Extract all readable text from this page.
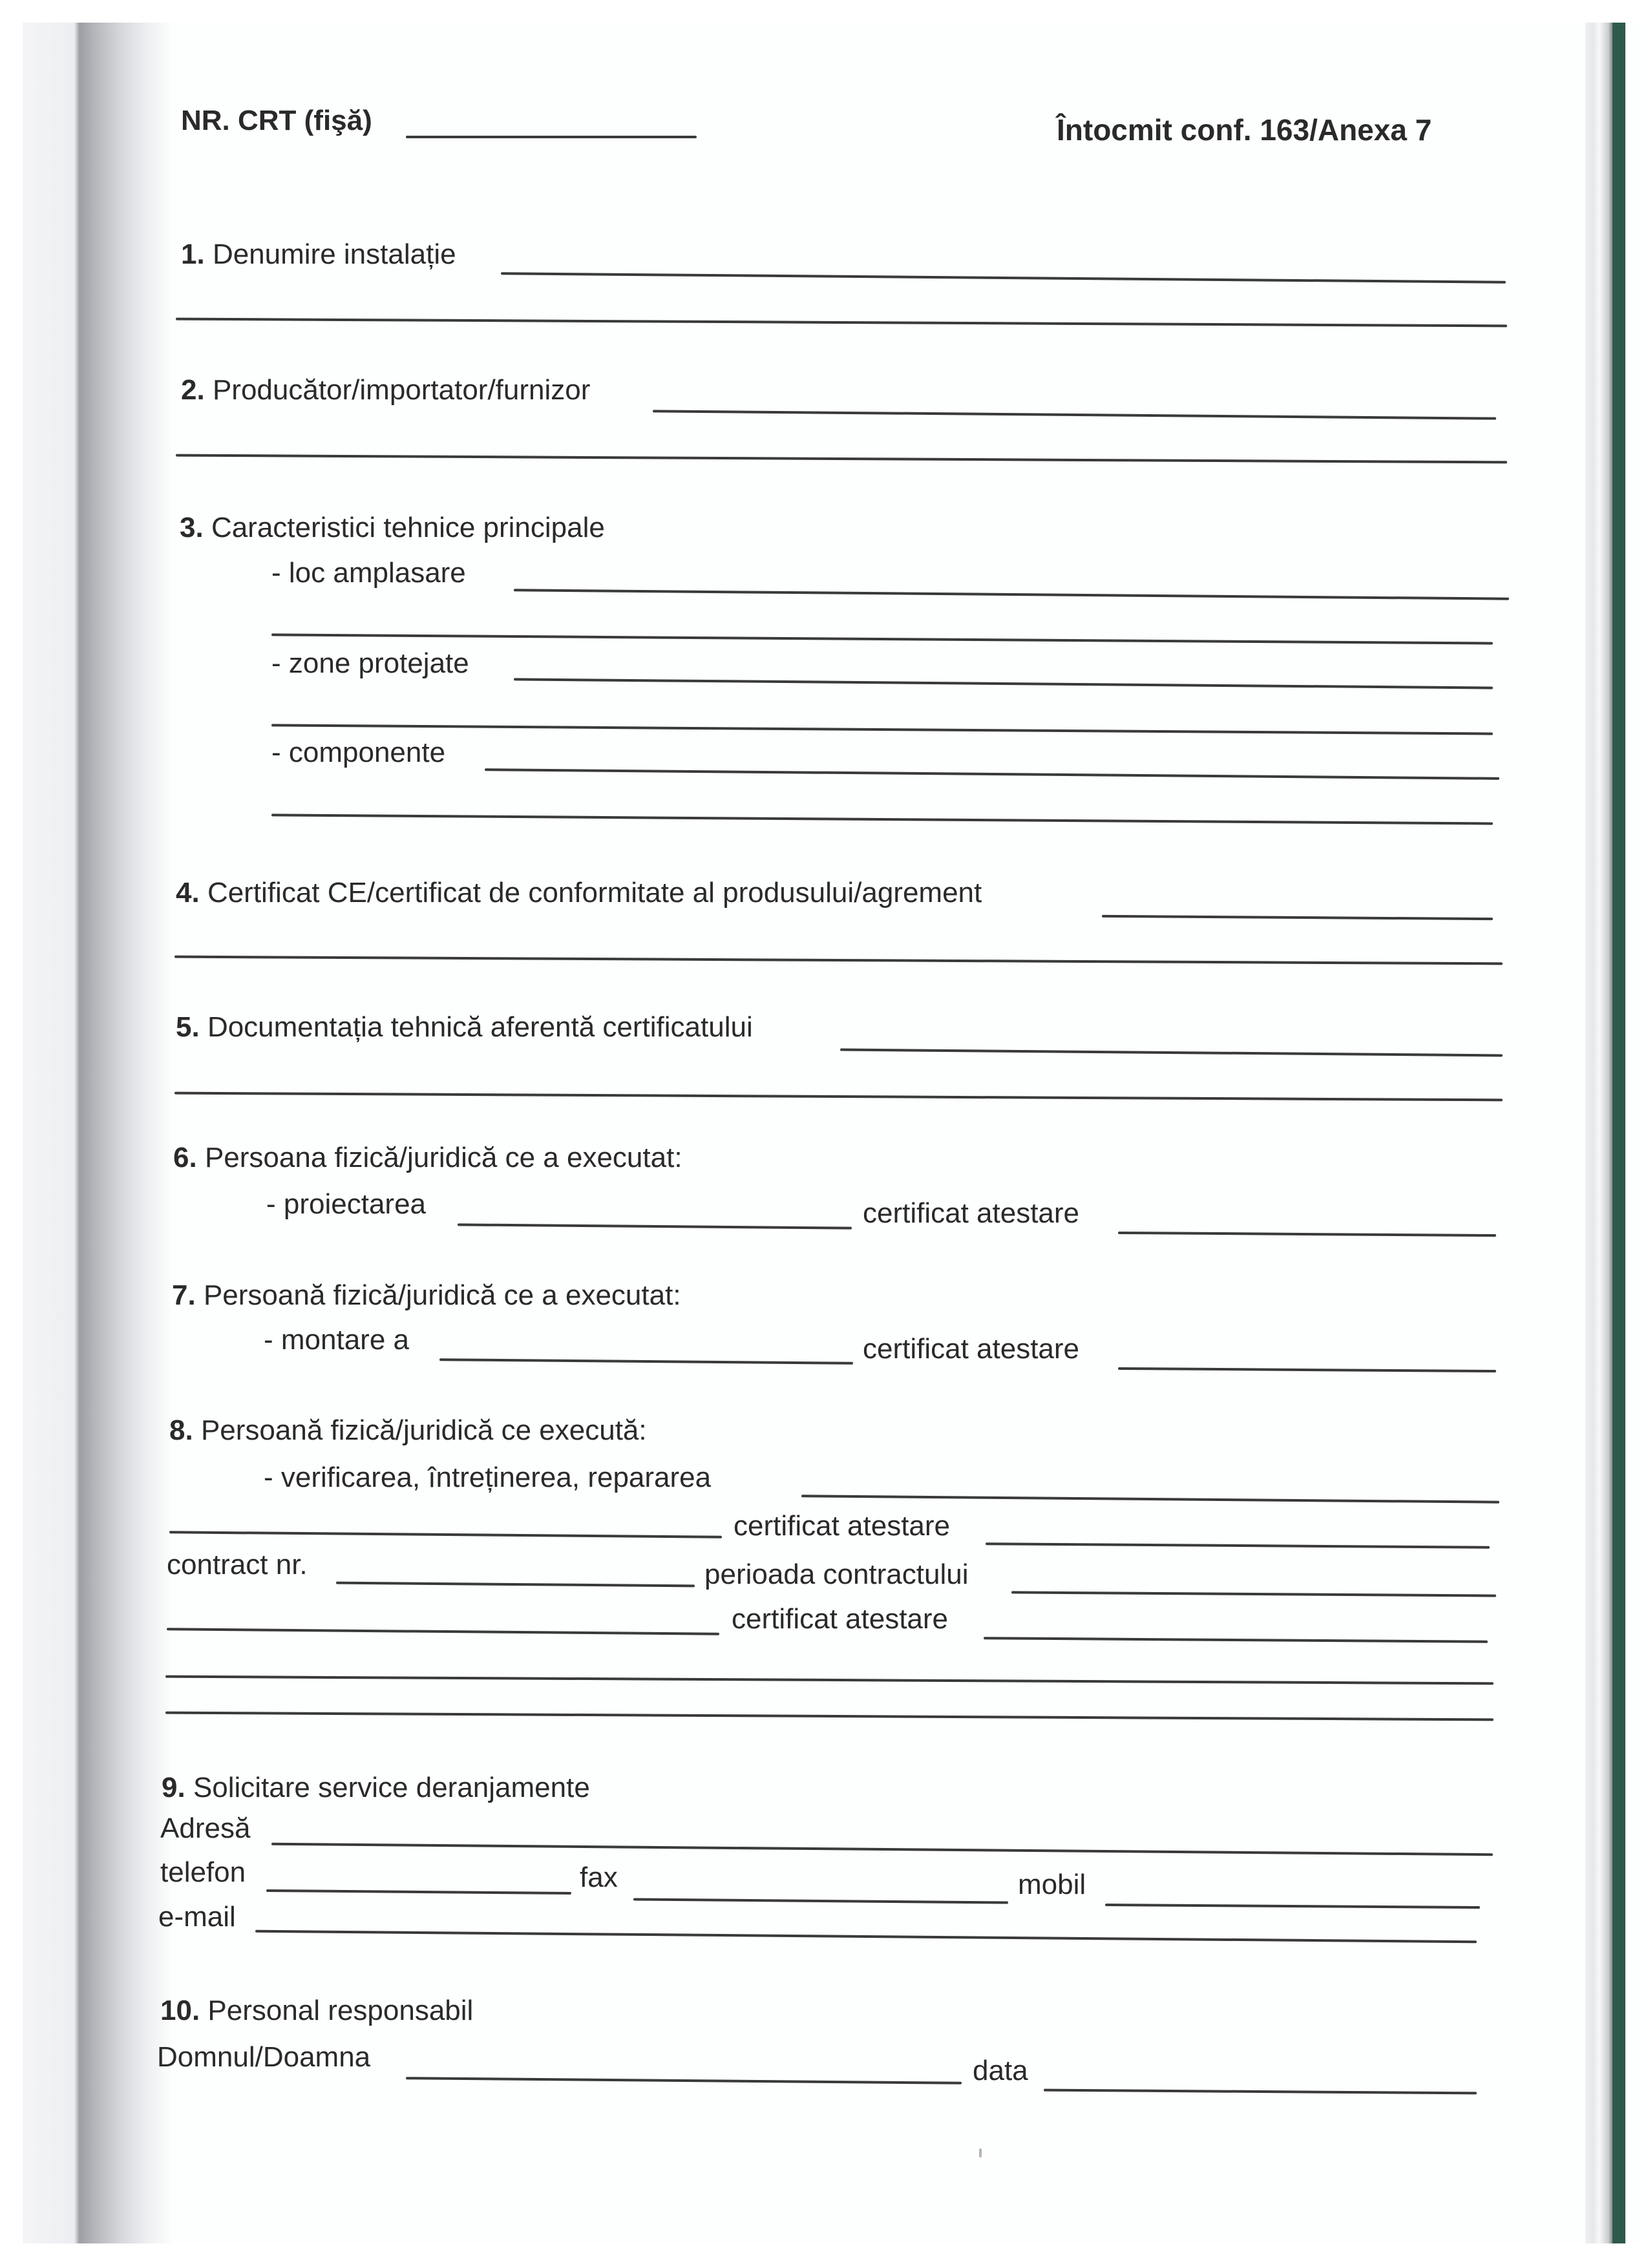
NR. CRT (fişă)	Întocmit conf. 163/Anexa 7
1. Denumire instalație
2. Producător/importator/furnizor
3. Caracteristici tehnice principale
- loc amplasare
- zone protejate
- componente
4. Certificat CE/certificat de conformitate al produsului/agrement
5. Documentația tehnică aferentă certificatului
6. Persoana fizică/juridică ce a executat:
- proiectarea	certificat atestare
7. Persoană fizică/juridică ce a executat:
- montare a	certificat atestare
8. Persoană fizică/juridică ce execută:
- verificarea, întreținerea, repararea
certificat atestare
contract nr.	perioada contractului
certificat atestare
9. Solicitare service deranjamente
Adresă
telefon	fax	mobil
e-mail
10. Personal responsabil
Domnul/Doamna	data
